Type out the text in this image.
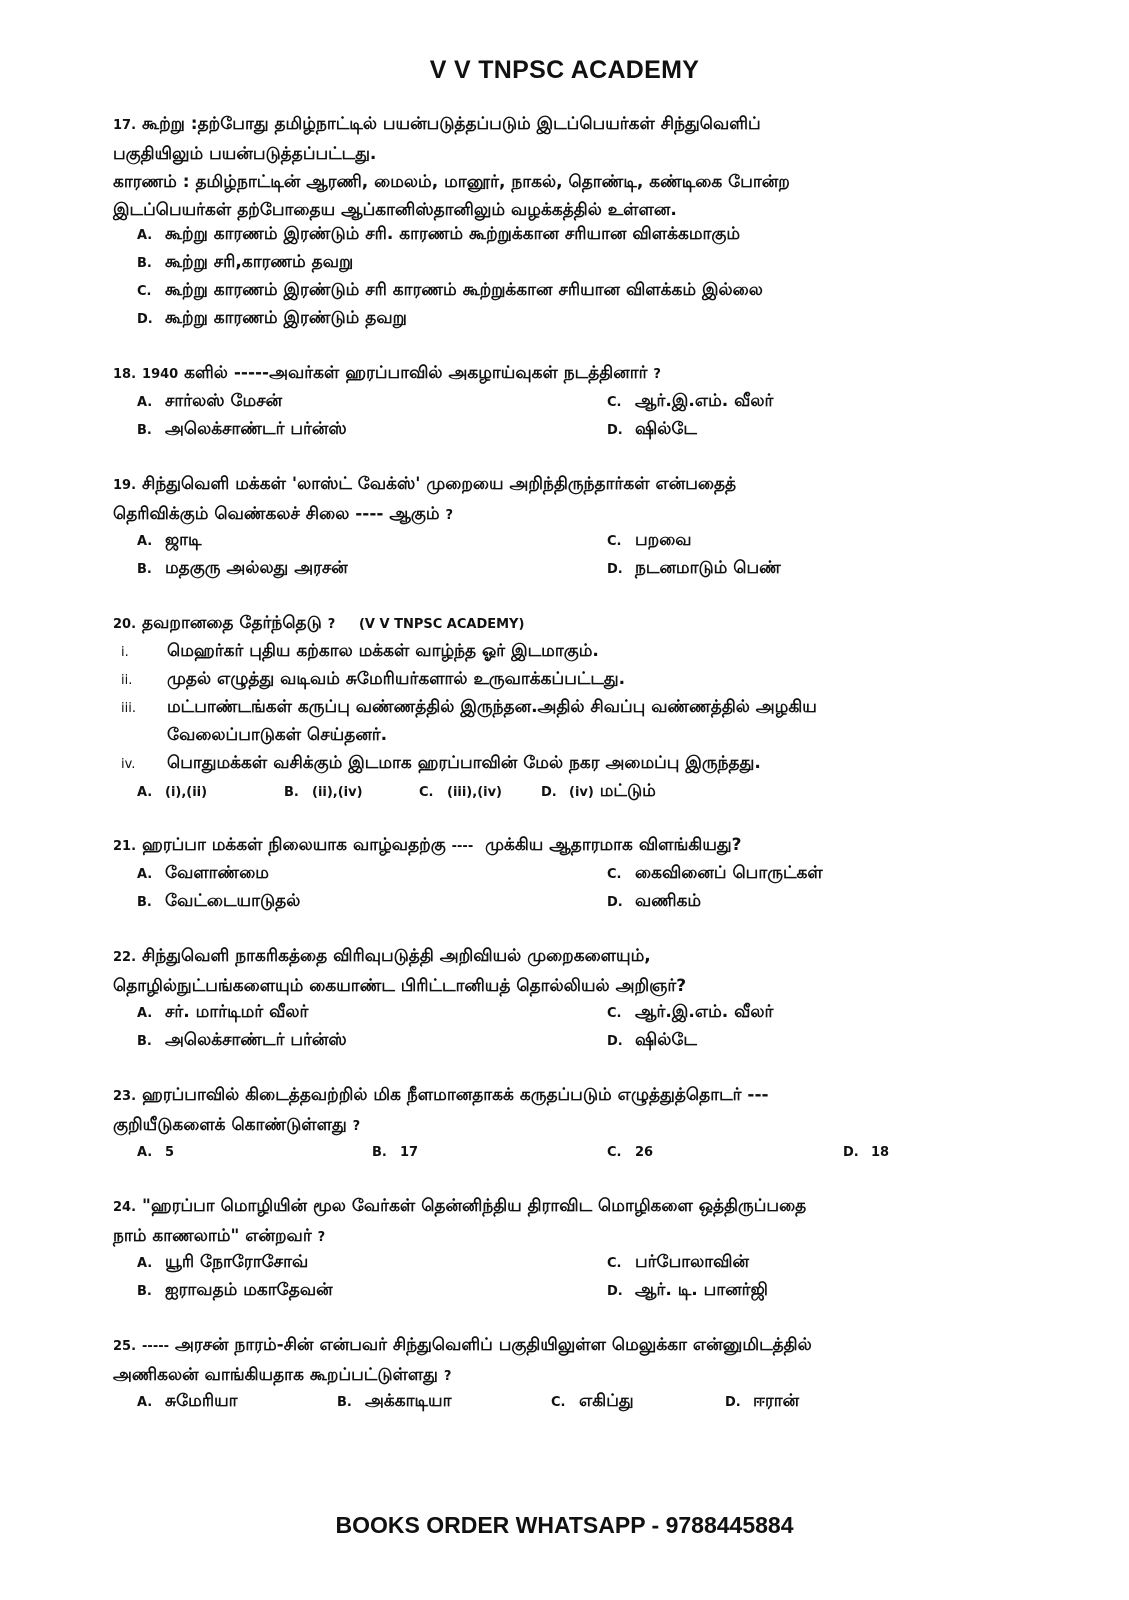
V V TNPSC ACADEMY
17. கூற்று :தற்போது தமிழ்நாட்டில் பயன்படுத்தப்படும் இடப்பெயர்கள் சிந்துவெளிப்
பகுதியிலும் பயன்படுத்தப்பட்டது.
காரணம் : தமிழ்நாட்டின் ஆரணி, மைலம், மானூர், நாகல், தொண்டி, கண்டிகை போன்ற
இடப்பெயர்கள் தற்போதைய ஆப்கானிஸ்தானிலும் வழக்கத்தில் உள்ளன.
A. கூற்று காரணம் இரண்டும் சரி. காரணம் கூற்றுக்கான சரியான விளக்கமாகும்
B. கூற்று சரி,காரணம் தவறு
C. கூற்று காரணம் இரண்டும் சரி காரணம் கூற்றுக்கான சரியான விளக்கம் இல்லை
D. கூற்று காரணம் இரண்டும் தவறு
18. 1940 களில் -----அவர்கள் ஹரப்பாவில் அகழாய்வுகள் நடத்தினார் ?
A. சார்லஸ் மேசன்	C. ஆர்.இ.எம். வீலர்
B. அலெக்சாண்டர் பர்ன்ஸ்	D. ஷில்டே
19. சிந்துவெளி மக்கள் 'லாஸ்ட் வேக்ஸ்' முறையை அறிந்திருந்தார்கள் என்பதைத்
தெரிவிக்கும் வெண்கலச் சிலை ---- ஆகும் ?
A. ஜாடி	C. பறவை
B. மதகுரு அல்லது அரசன்	D. நடனமாடும் பெண்
20. தவறானதை தேர்ந்தெடு ? (V V TNPSC ACADEMY)
i. மெஹர்கர் புதிய கற்கால மக்கள் வாழ்ந்த ஓர் இடமாகும்.
ii. முதல் எழுத்து வடிவம் சுமேரியர்களால் உருவாக்கப்பட்டது.
iii. மட்பாண்டங்கள் கருப்பு வண்ணத்தில் இருந்தன.அதில் சிவப்பு வண்ணத்தில் அழகிய
வேலைப்பாடுகள் செய்தனர்.
iv. பொதுமக்கள் வசிக்கும் இடமாக ஹரப்பாவின் மேல் நகர அமைப்பு இருந்தது.
A. (i),(ii)	B. (ii),(iv)	C. (iii),(iv)	D. (iv) மட்டும்
21. ஹரப்பா மக்கள் நிலையாக வாழ்வதற்கு ---- முக்கிய ஆதாரமாக விளங்கியது?
A. வேளாண்மை	C. கைவினைப் பொருட்கள்
B. வேட்டையாடுதல்	D. வணிகம்
22. சிந்துவெளி நாகரிகத்தை விரிவுபடுத்தி அறிவியல் முறைகளையும்,
தொழில்நுட்பங்களையும் கையாண்ட பிரிட்டானியத் தொல்லியல் அறிஞர்?
A. சர். மார்டிமர் வீலர்	C. ஆர்.இ.எம். வீலர்
B. அலெக்சாண்டர் பர்ன்ஸ்	D. ஷில்டே
23. ஹரப்பாவில் கிடைத்தவற்றில் மிக நீளமானதாகக் கருதப்படும் எழுத்துத்தொடர் ---
குறியீடுகளைக் கொண்டுள்ளது ?
A. 5	B. 17	C. 26	D. 18
24. "ஹரப்பா மொழியின் மூல வேர்கள் தென்னிந்திய திராவிட மொழிகளை ஒத்திருப்பதை
நாம் காணலாம்" என்றவர் ?
A. யூரி நோரோசோவ்	C. பர்போலாவின்
B. ஐராவதம் மகாதேவன்	D. ஆர். டி. பானர்ஜி
25. ----- அரசன் நாரம்-சின் என்பவர் சிந்துவெளிப் பகுதியிலுள்ள மெலுக்கா என்னுமிடத்தில்
அணிகலன் வாங்கியதாக கூறப்பட்டுள்ளது ?
A. சுமேரியா	B. அக்காடியா	C. எகிப்து	D. ஈரான்
BOOKS ORDER WHATSAPP - 9788445884
